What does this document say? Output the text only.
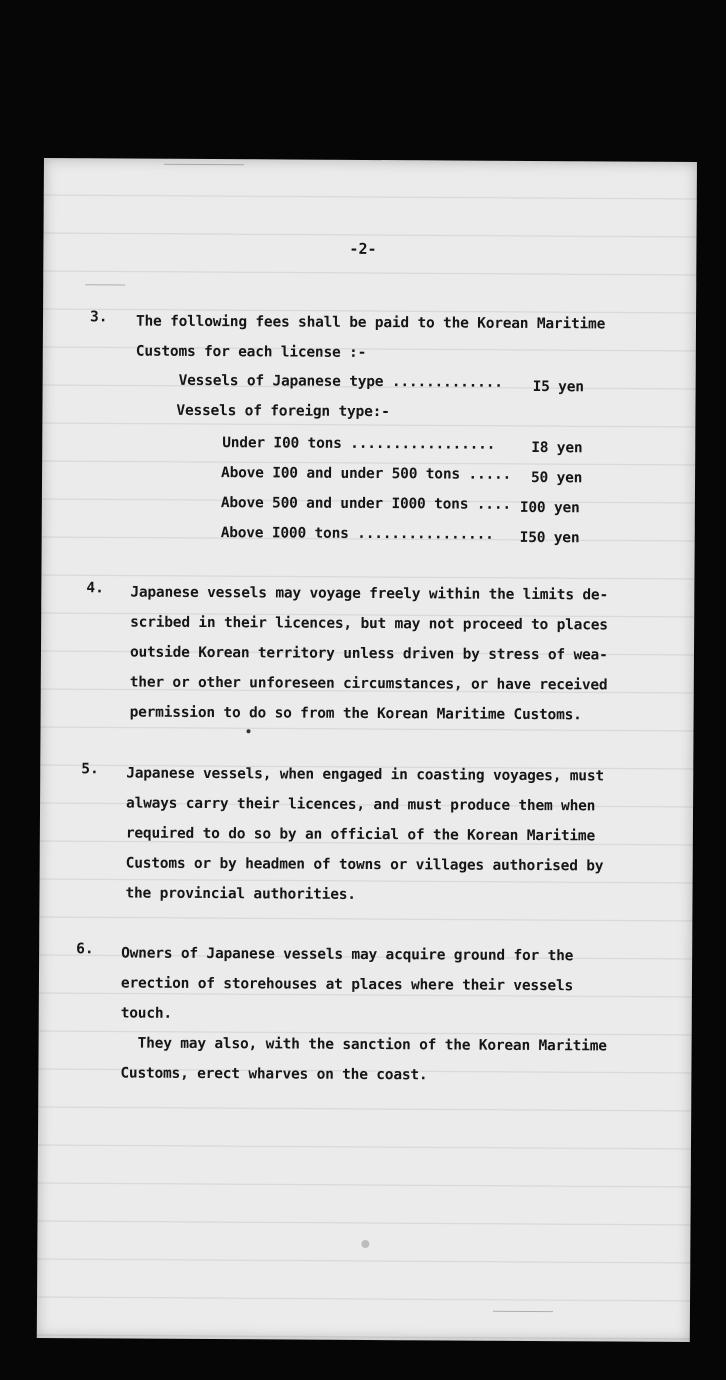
-2-
3. The following fees shall be paid to the Korean Maritime
Customs for each license :-
Vessels of Japanese type ............. I5 yen
Vessels of foreign type:-
Under I00 tons ................. I8 yen
Above I00 and under 500 tons ..... 50 yen
Above 500 and under I000 tons .... I00 yen
Above I000 tons ................ I50 yen
4. Japanese vessels may voyage freely within the limits de-
scribed in their licences, but may not proceed to places
outside Korean territory unless driven by stress of wea-
ther or other unforeseen circumstances, or have received
permission to do so from the Korean Maritime Customs.
5. Japanese vessels, when engaged in coasting voyages, must
always carry their licences, and must produce them when
required to do so by an official of the Korean Maritime
Customs or by headmen of towns or villages authorised by
the provincial authorities.
6. Owners of Japanese vessels may acquire ground for the
erection of storehouses at places where their vessels
touch.
They may also, with the sanction of the Korean Maritime
Customs, erect wharves on the coast.
